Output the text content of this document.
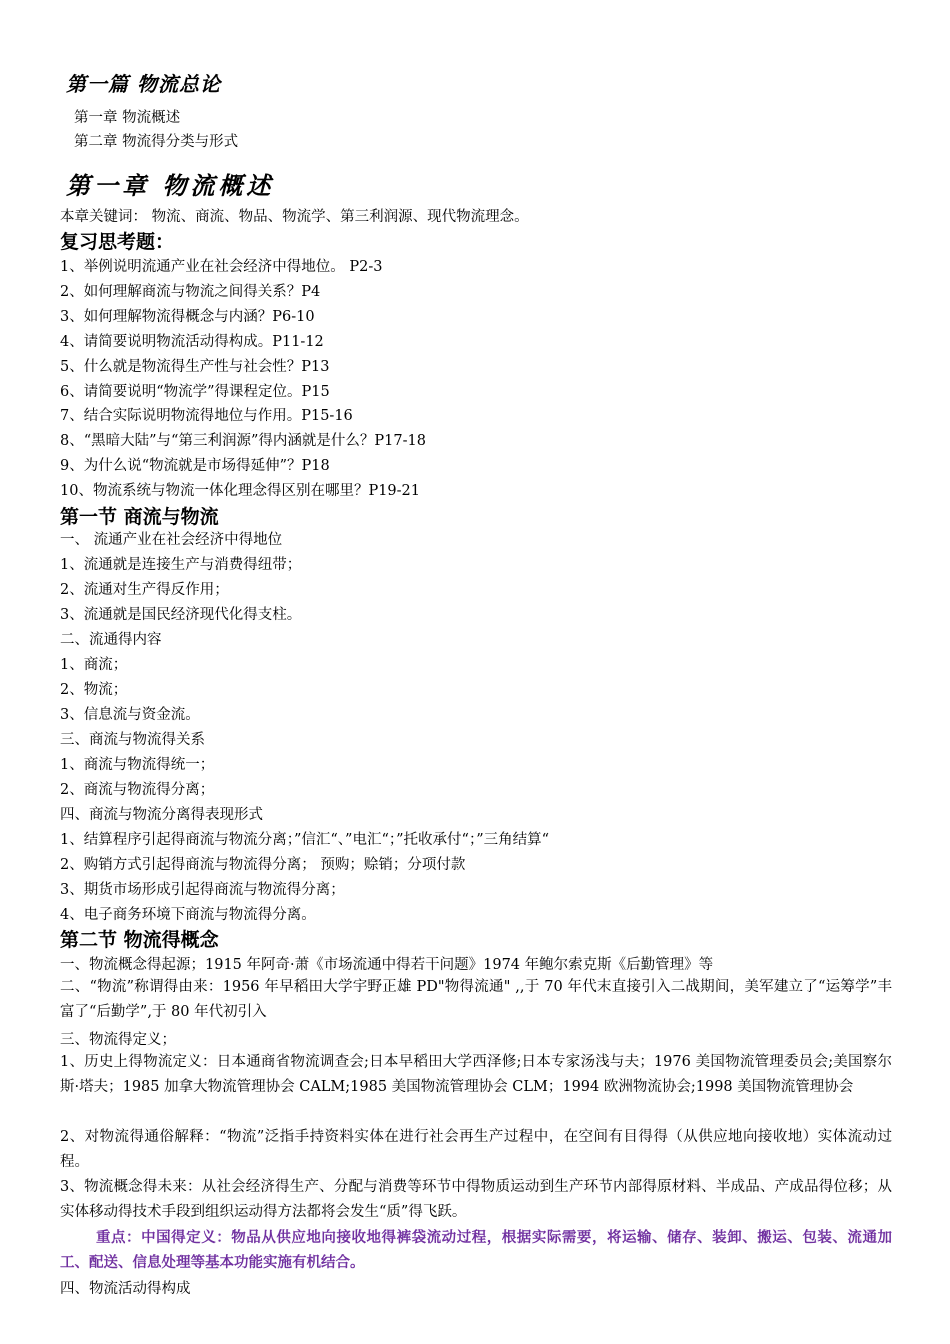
第一篇 物流总论
第一章 物流概述
第二章 物流得分类与形式
第一章 物流概述
本章关键词： 物流、商流、物品、物流学、第三利润源、现代物流理念。
复习思考题：
1、举例说明流通产业在社会经济中得地位。 P2-3
2、如何理解商流与物流之间得关系？P4
3、如何理解物流得概念与内涵？P6-10
4、请简要说明物流活动得构成。P11-12
5、什么就是物流得生产性与社会性？P13
6、请简要说明“物流学”得课程定位。P15
7、结合实际说明物流得地位与作用。P15-16
8、“黑暗大陆”与“第三利润源”得内涵就是什么？P17-18
9、为什么说“物流就是市场得延伸”？P18
10、物流系统与物流一体化理念得区别在哪里？P19-21
第一节 商流与物流
一、 流通产业在社会经济中得地位
1、流通就是连接生产与消费得纽带；
2、流通对生产得反作用；
3、流通就是国民经济现代化得支柱。
二、流通得内容
1、商流；
2、物流；
3、信息流与资金流。
三、商流与物流得关系
1、商流与物流得统一；
2、商流与物流得分离；
四、商流与物流分离得表现形式
1、结算程序引起得商流与物流分离；”信汇“、”电汇“；”托收承付“；”三角结算“
2、购销方式引起得商流与物流得分离； 预购；赊销；分项付款
3、期货市场形成引起得商流与物流得分离；
4、电子商务环境下商流与物流得分离。
第二节 物流得概念
一、物流概念得起源；1915 年阿奇·萧《市场流通中得若干问题》1974 年鲍尔索克斯《后勤管理》等
二、“物流”称谓得由来：1956 年早稻田大学宇野正雄 PD"物得流通" ,,于 70 年代末直接引入二战期间，美军建立了“运筹学”丰富了“后勤学”,于 80 年代初引入
三、物流得定义；
1、历史上得物流定义：日本通商省物流调查会;日本早稻田大学西泽修;日本专家汤浅与夫；1976 美国物流管理委员会;美国察尔斯·塔夫；1985 加拿大物流管理协会 CALM;1985 美国物流管理协会 CLM；1994 欧洲物流协会;1998 美国物流管理协会
2、对物流得通俗解释：“物流”泛指手持资料实体在进行社会再生产过程中，在空间有目得得（从供应地向接收地）实体流动过程。
3、物流概念得未来：从社会经济得生产、分配与消费等环节中得物质运动到生产环节内部得原材料、半成品、产成品得位移；从实体移动得技术手段到组织运动得方法都将会发生“质”得飞跃。
重点：中国得定义：物品从供应地向接收地得裤袋流动过程，根据实际需要，将运输、储存、装卸、搬运、包装、流通加工、配送、信息处理等基本功能实施有机结合。
四、物流活动得构成
